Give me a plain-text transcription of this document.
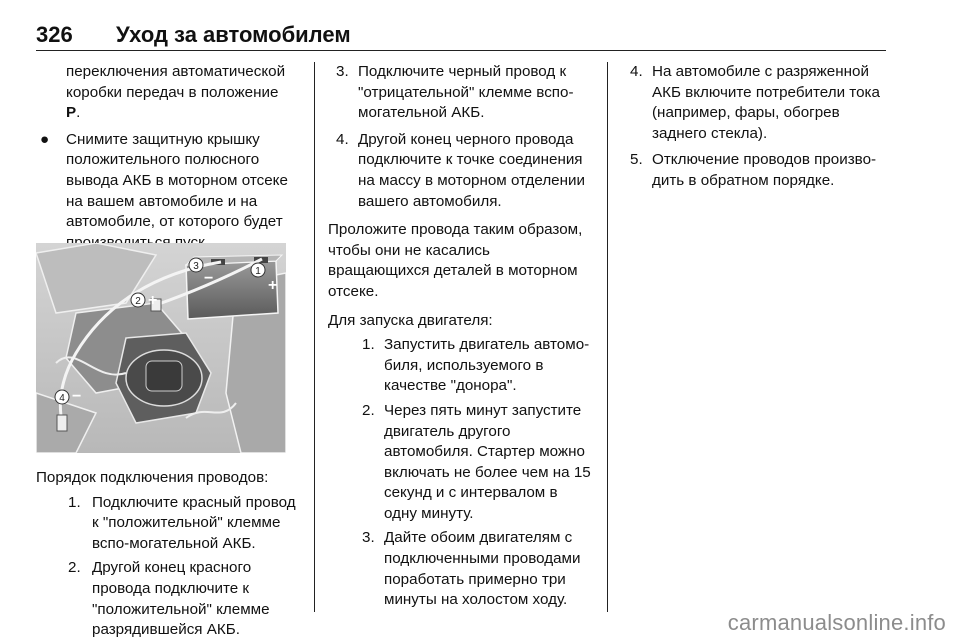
326 Уход за автомобилем
переключения автоматической
коробки передач в положение
P.
● Снимите защитную крышку положительного полюсного вывода АКБ в моторном отсеке на вашем автомобиле и на автомобиле, от которого будет
3	1
2
4
+
−
+
−
Порядок подключения проводов:
1. Подключите красный провод к "положительной" клемме вспо-могательной АКБ.
2. Другой конец красного провода подключите к "положительной" клемме разрядившейся АКБ.
3. Подключите черный провод к "отрицательной" клемме вспо-могательной АКБ.
4. Другой конец черного провода подключите к точке соединения на массу в моторном отделении вашего автомобиля.
Проложите провода таким образом, чтобы они не касались вращающихся деталей в моторном отсеке.
Для запуска двигателя:
1. Запустить двигатель автомо-биля, используемого в качестве "донора".
2. Через пять минут запустите двигатель другого автомобиля. Стартер можно включать не более чем на 15 секунд и с интервалом в одну минуту.
3. Дайте обоим двигателям с подключенными проводами поработать примерно три минуты на холостом ходу.
4. На автомобиле с разряженной АКБ включите потребители тока (например, фары, обогрев заднего стекла).
5. Отключение проводов произво-дить в обратном порядке.
carmanualsonline.info
